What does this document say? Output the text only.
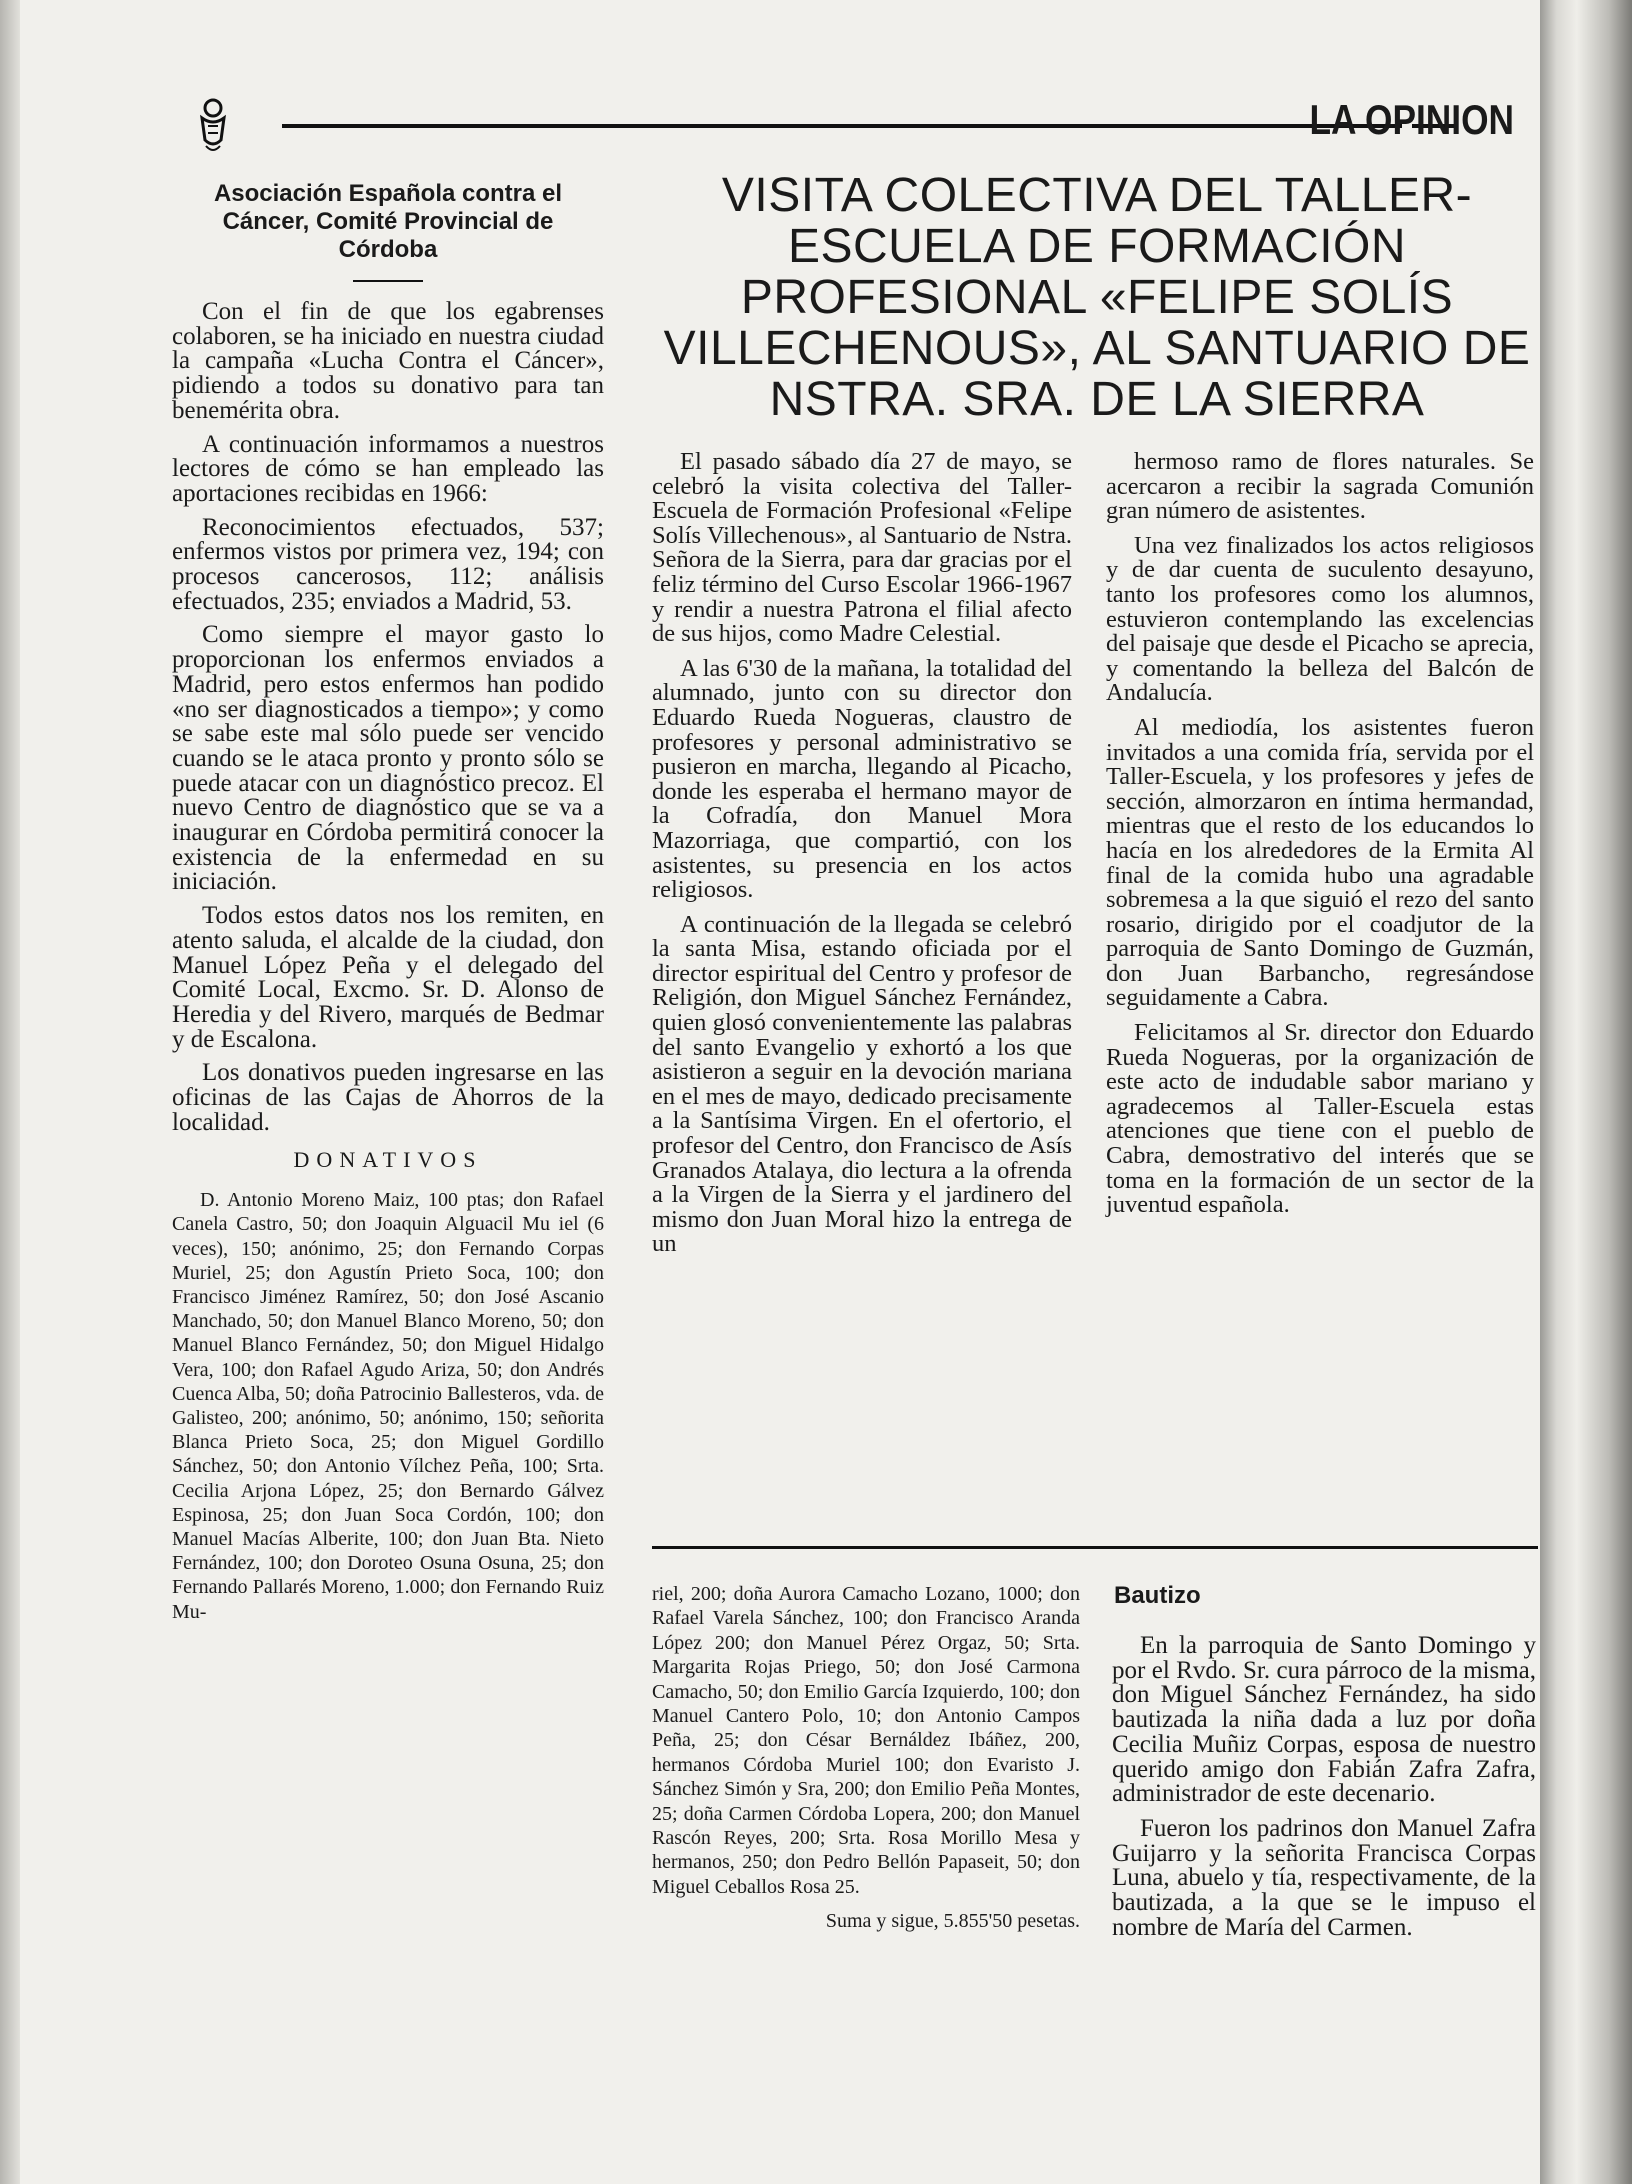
LA OPINION
Asociación Española contra el Cáncer, Comité Provincial de Córdoba

Con el fin de que los egabrenses colaboren, se ha iniciado en nuestra ciudad la campaña «Lucha Contra el Cáncer», pidiendo a todos su donativo para tan benemérita obra.

A continuación informamos a nuestros lectores de cómo se han empleado las aportaciones recibidas en 1966:

Reconocimientos efectuados, 537; enfermos vistos por primera vez, 194; con procesos cancerosos, 112; análisis efectuados, 235; enviados a Madrid, 53.

Como siempre el mayor gasto lo proporcionan los enfermos enviados a Madrid, pero estos enfermos han podido «no ser diagnosticados a tiempo»; y como se sabe este mal sólo puede ser vencido cuando se le ataca pronto y pronto sólo se puede atacar con un diagnóstico precoz. El nuevo Centro de diagnóstico que se va a inaugurar en Córdoba permitirá conocer la existencia de la enfermedad en su iniciación.

Todos estos datos nos los remiten, en atento saluda, el alcalde de la ciudad, don Manuel López Peña y el delegado del Comité Local, Excmo. Sr. D. Alonso de Heredia y del Rivero, marqués de Bedmar y de Escalona.

Los donativos pueden ingresarse en las oficinas de las Cajas de Ahorros de la localidad.

DONATIVOS

D. Antonio Moreno Maiz, 100 ptas; don Rafael Canela Castro, 50; don Joaquin Alguacil Mu iel (6 veces), 150; anónimo, 25; don Fernando Corpas Muriel, 25; don Agustín Prieto Soca, 100; don Francisco Jiménez Ramírez, 50; don José Ascanio Manchado, 50; don Manuel Blanco Moreno, 50; don Manuel Blanco Fernández, 50; don Miguel Hidalgo Vera, 100; don Rafael Agudo Ariza, 50; don Andrés Cuenca Alba, 50; doña Patrocinio Ballesteros, vda. de Galisteo, 200; anónimo, 50; anónimo, 150; señorita Blanca Prieto Soca, 25; don Miguel Gordillo Sánchez, 50; don Antonio Vílchez Peña, 100; Srta. Cecilia Arjona López, 25; don Bernardo Gálvez Espinosa, 25; don Juan Soca Cordón, 100; don Manuel Macías Alberite, 100; don Juan Bta. Nieto Fernández, 100; don Doroteo Osuna Osuna, 25; don Fernando Pallarés Moreno, 1.000; don Fernando Ruiz Mu-

VISITA COLECTIVA DEL TALLER-ESCUELA DE FORMACIÓN PROFESIONAL «FELIPE SOLÍS VILLECHENOUS», AL SANTUARIO DE NSTRA. SRA. DE LA SIERRA

El pasado sábado día 27 de mayo, se celebró la visita colectiva del Taller-Escuela de Formación Profesional «Felipe Solís Villechenous», al Santuario de Nstra. Señora de la Sierra, para dar gracias por el feliz término del Curso Escolar 1966-1967 y rendir a nuestra Patrona el filial afecto de sus hijos, como Madre Celestial.

A las 6'30 de la mañana, la totalidad del alumnado, junto con su director don Eduardo Rueda Nogueras, claustro de profesores y personal administrativo se pusieron en marcha, llegando al Picacho, donde les esperaba el hermano mayor de la Cofradía, don Manuel Mora Mazorriaga, que compartió, con los asistentes, su presencia en los actos religiosos.

A continuación de la llegada se celebró la santa Misa, estando oficiada por el director espiritual del Centro y profesor de Religión, don Miguel Sánchez Fernández, quien glosó convenientemente las palabras del santo Evangelio y exhortó a los que asistieron a seguir en la devoción mariana en el mes de mayo, dedicado precisamente a la Santísima Virgen. En el ofertorio, el profesor del Centro, don Francisco de Asís Granados Atalaya, dio lectura a la ofrenda a la Virgen de la Sierra y el jardinero del mismo don Juan Moral hizo la entrega de un

hermoso ramo de flores naturales. Se acercaron a recibir la sagrada Comunión gran número de asistentes.

Una vez finalizados los actos religiosos y de dar cuenta de suculento desayuno, tanto los profesores como los alumnos, estuvieron contemplando las excelencias del paisaje que desde el Picacho se aprecia, y comentando la belleza del Balcón de Andalucía.

Al mediodía, los asistentes fueron invitados a una comida fría, servida por el Taller-Escuela, y los profesores y jefes de sección, almorzaron en íntima hermandad, mientras que el resto de los educandos lo hacía en los alrededores de la Ermita Al final de la comida hubo una agradable sobremesa a la que siguió el rezo del santo rosario, dirigido por el coadjutor de la parroquia de Santo Domingo de Guzmán, don Juan Barbancho, regresándose seguidamente a Cabra.

Felicitamos al Sr. director don Eduardo Rueda Nogueras, por la organización de este acto de indudable sabor mariano y agradecemos al Taller-Escuela estas atenciones que tiene con el pueblo de Cabra, demostrativo del interés que se toma en la formación de un sector de la juventud española.

riel, 200; doña Aurora Camacho Lozano, 1000; don Rafael Varela Sánchez, 100; don Francisco Aranda López 200; don Manuel Pérez Orgaz, 50; Srta. Margarita Rojas Priego, 50; don José Carmona Camacho, 50; don Emilio García Izquierdo, 100; don Manuel Cantero Polo, 10; don Antonio Campos Peña, 25; don César Bernáldez Ibáñez, 200, hermanos Córdoba Muriel 100; don Evaristo J. Sánchez Simón y Sra, 200; don Emilio Peña Montes, 25; doña Carmen Córdoba Lopera, 200; don Manuel Rascón Reyes, 200; Srta. Rosa Morillo Mesa y hermanos, 250; don Pedro Bellón Papaseit, 50; don Miguel Ceballos Rosa 25.

Suma y sigue, 5.855'50 pesetas.
Bautizo

En la parroquia de Santo Domingo y por el Rvdo. Sr. cura párroco de la misma, don Miguel Sánchez Fernández, ha sido bautizada la niña dada a luz por doña Cecilia Muñiz Corpas, esposa de nuestro querido amigo don Fabián Zafra Zafra, administrador de este decenario.

Fueron los padrinos don Manuel Zafra Guijarro y la señorita Francisca Corpas Luna, abuelo y tía, respectivamente, de la bautizada, a la que se le impuso el nombre de María del Carmen.
